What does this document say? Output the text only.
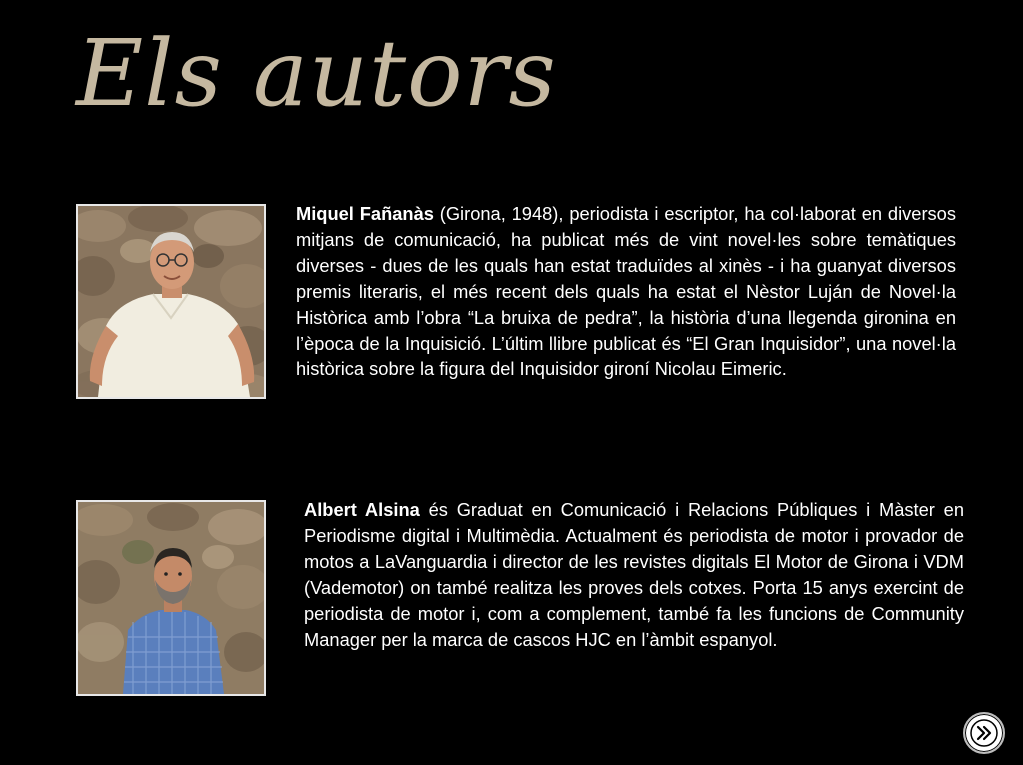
Els autors

Miquel Fañanàs (Girona, 1948), periodista i escriptor, ha col·laborat en diversos mitjans de comunicació, ha publicat més de vint novel·les sobre temàtiques diverses - dues de les quals han estat traduïdes al xinès - i ha guanyat diversos premis literaris, el més recent dels quals ha estat el Nèstor Luján de Novel·la Històrica amb l’obra “La bruixa de pedra”, la història d’una llegenda gironina en l’època de la Inquisició. L’últim llibre publicat és “El Gran Inquisidor”, una novel·la històrica sobre la figura del Inquisidor gironí Nicolau Eimeric.

Albert Alsina és Graduat en Comunicació i Relacions Públiques i Màster en Periodisme digital i Multimèdia. Actualment és periodista de motor i provador de motos a LaVanguardia i director de les revistes digitals El Motor de Girona i VDM (Vademotor) on també realitza les proves dels cotxes. Porta 15 anys exercint de periodista de motor i, com a complement, també fa les funcions de Community Manager per la marca de cascos HJC en l’àmbit espanyol.
